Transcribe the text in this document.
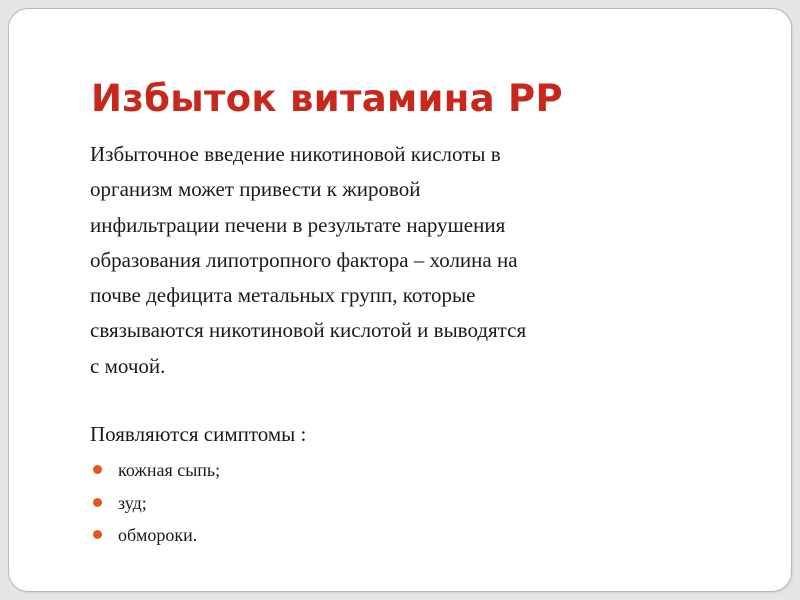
Избыток витамина РР

Избыточное введение никотиновой кислоты в
организм может привести к жировой
инфильтрации печени в результате нарушения
образования липотропного фактора – холина на
почве дефицита метальных групп, которые
связываются никотиновой кислотой и выводятся
с мочой.

Появляются симптомы :

кожная сыпь;
зуд;
обмороки.
